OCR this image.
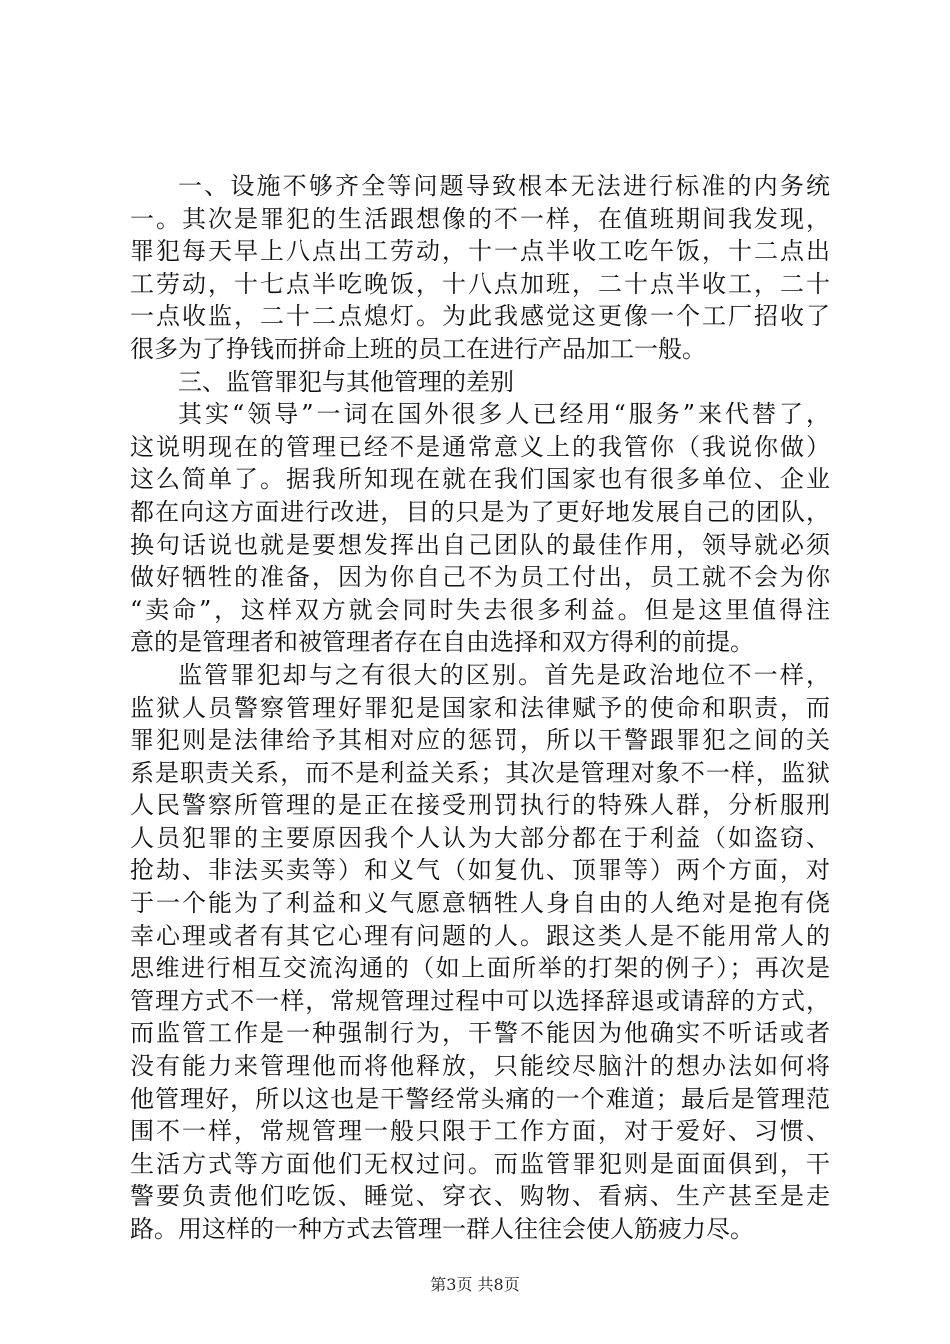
一、设施不够齐全等问题导致根本无法进行标准的内务统
一。其次是罪犯的生活跟想像的不一样，在值班期间我发现，
罪犯每天早上八点出工劳动，十一点半收工吃午饭，十二点出
工劳动，十七点半吃晚饭，十八点加班，二十点半收工，二十
一点收监，二十二点熄灯。为此我感觉这更像一个工厂招收了
很多为了挣钱而拼命上班的员工在进行产品加工一般。
三、监管罪犯与其他管理的差别
其实“领导”一词在国外很多人已经用“服务”来代替了，
这说明现在的管理已经不是通常意义上的我管你（我说你做）
这么简单了。据我所知现在就在我们国家也有很多单位、企业
都在向这方面进行改进，目的只是为了更好地发展自己的团队，
换句话说也就是要想发挥出自己团队的最佳作用，领导就必须
做好牺牲的准备，因为你自己不为员工付出，员工就不会为你
“卖命”，这样双方就会同时失去很多利益。但是这里值得注
意的是管理者和被管理者存在自由选择和双方得利的前提。
监管罪犯却与之有很大的区别。首先是政治地位不一样，
监狱人员警察管理好罪犯是国家和法律赋予的使命和职责，而
罪犯则是法律给予其相对应的惩罚，所以干警跟罪犯之间的关
系是职责关系，而不是利益关系；其次是管理对象不一样，监狱
人民警察所管理的是正在接受刑罚执行的特殊人群，分析服刑
人员犯罪的主要原因我个人认为大部分都在于利益（如盗窃、
抢劫、非法买卖等）和义气（如复仇、顶罪等）两个方面，对
于一个能为了利益和义气愿意牺牲人身自由的人绝对是抱有侥
幸心理或者有其它心理有问题的人。跟这类人是不能用常人的
思维进行相互交流沟通的（如上面所举的打架的例子）；再次是
管理方式不一样，常规管理过程中可以选择辞退或请辞的方式，
而监管工作是一种强制行为，干警不能因为他确实不听话或者
没有能力来管理他而将他释放，只能绞尽脑汁的想办法如何将
他管理好，所以这也是干警经常头痛的一个难道；最后是管理范
围不一样，常规管理一般只限于工作方面，对于爱好、习惯、
生活方式等方面他们无权过问。而监管罪犯则是面面俱到，干
警要负责他们吃饭、睡觉、穿衣、购物、看病、生产甚至是走
路。用这样的一种方式去管理一群人往往会使人筋疲力尽。
第3页 共8页
